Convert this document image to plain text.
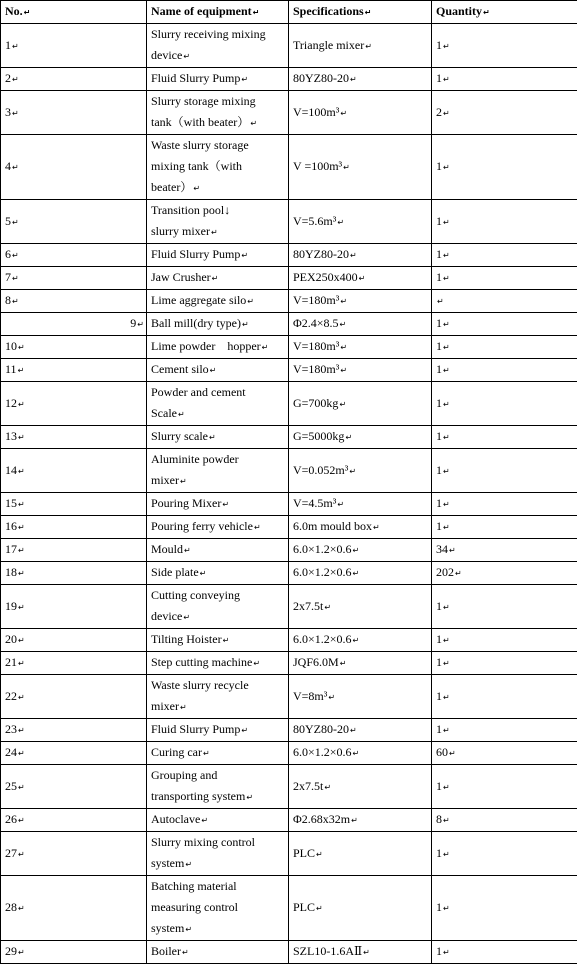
No.↵	Name of equipment↵	Specifications↵	Quantity↵
1↵	Slurry receiving mixing
device↵	Triangle mixer↵	1↵
2↵	Fluid Slurry Pump↵	80YZ80-20↵	1↵
3↵	Slurry storage mixing
tank（with beater）↵	V=100m³↵	2↵
4↵	Waste slurry storage
mixing tank（with
beater）↵	V =100m³↵	1↵
5↵	Transition pool↓
slurry mixer↵	V=5.6m³↵	1↵
6↵	Fluid Slurry Pump↵	80YZ80-20↵	1↵
7↵	Jaw Crusher↵	PEX250x400↵	1↵
8↵	Lime aggregate silo↵	V=180m³↵	↵
9↵	Ball mill(dry type)↵	Φ2.4×8.5↵	1↵
10↵	Lime powder    hopper↵	V=180m³↵	1↵
11↵	Cement silo↵	V=180m³↵	1↵
12↵	Powder and cement
Scale↵	G=700kg↵	1↵
13↵	Slurry scale↵	G=5000kg↵	1↵
14↵	Aluminite powder
mixer↵	V=0.052m³↵	1↵
15↵	Pouring Mixer↵	V=4.5m³↵	1↵
16↵	Pouring ferry vehicle↵	6.0m mould box↵	1↵
17↵	Mould↵	6.0×1.2×0.6↵	34↵
18↵	Side plate↵	6.0×1.2×0.6↵	202↵
19↵	Cutting conveying
device↵	2x7.5t↵	1↵
20↵	Tilting Hoister↵	6.0×1.2×0.6↵	1↵
21↵	Step cutting machine↵	JQF6.0M↵	1↵
22↵	Waste slurry recycle
mixer↵	V=8m³↵	1↵
23↵	Fluid Slurry Pump↵	80YZ80-20↵	1↵
24↵	Curing car↵	6.0×1.2×0.6↵	60↵
25↵	Grouping and
transporting system↵	2x7.5t↵	1↵
26↵	Autoclave↵	Φ2.68x32m↵	8↵
27↵	Slurry mixing control
system↵	PLC↵	1↵
28↵	Batching material
measuring control
system↵	PLC↵	1↵
29↵	Boiler↵	SZL10-1.6AⅡ↵	1↵
